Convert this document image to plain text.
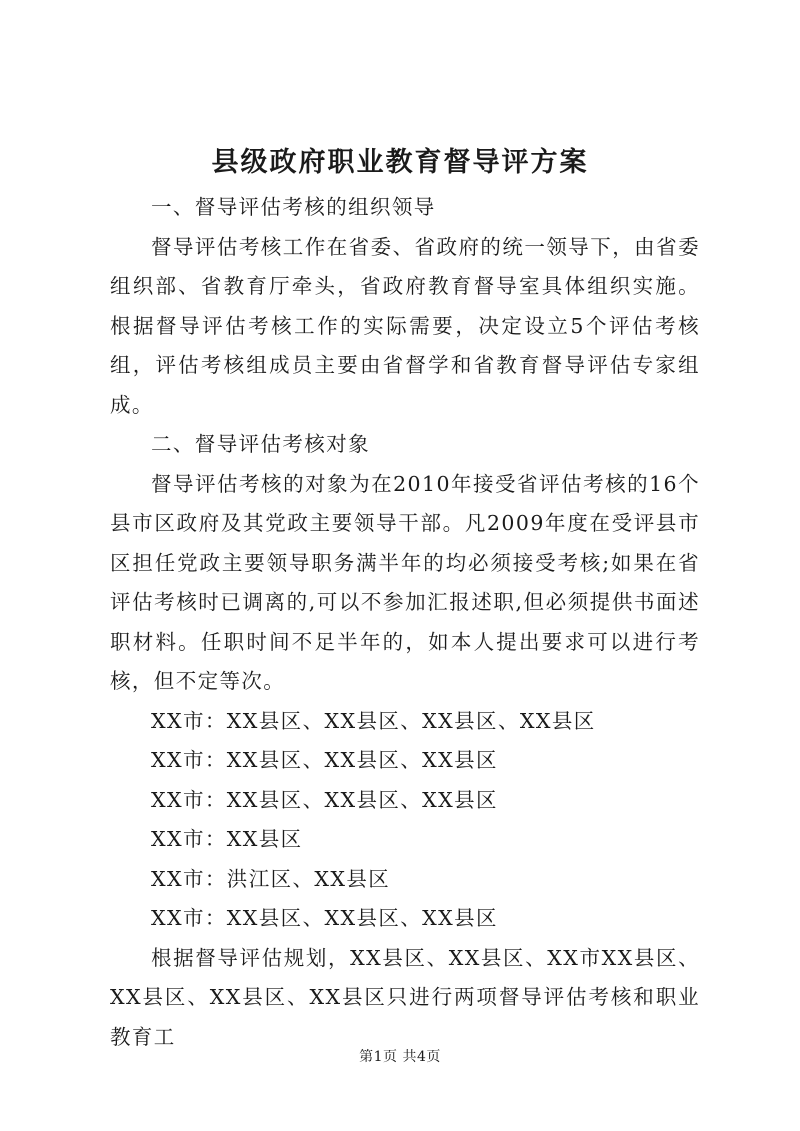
县级政府职业教育督导评方案

一、督导评估考核的组织领导

督导评估考核工作在省委、省政府的统一领导下，由省委组织部、省教育厅牵头，省政府教育督导室具体组织实施。根据督导评估考核工作的实际需要，决定设立5个评估考核组，评估考核组成员主要由省督学和省教育督导评估专家组成。

二、督导评估考核对象

督导评估考核的对象为在2010年接受省评估考核的16个县市区政府及其党政主要领导干部。凡2009年度在受评县市区担任党政主要领导职务满半年的均必须接受考核;如果在省评估考核时已调离的,可以不参加汇报述职,但必须提供书面述职材料。任职时间不足半年的，如本人提出要求可以进行考核，但不定等次。

XX市：XX县区、XX县区、XX县区、XX县区

XX市：XX县区、XX县区、XX县区

XX市：XX县区、XX县区、XX县区

XX市：XX县区

XX市：洪江区、XX县区

XX市：XX县区、XX县区、XX县区

根据督导评估规划，XX县区、XX县区、XX市XX县区、XX县区、XX县区、XX县区只进行两项督导评估考核和职业教育工

第1页 共4页
